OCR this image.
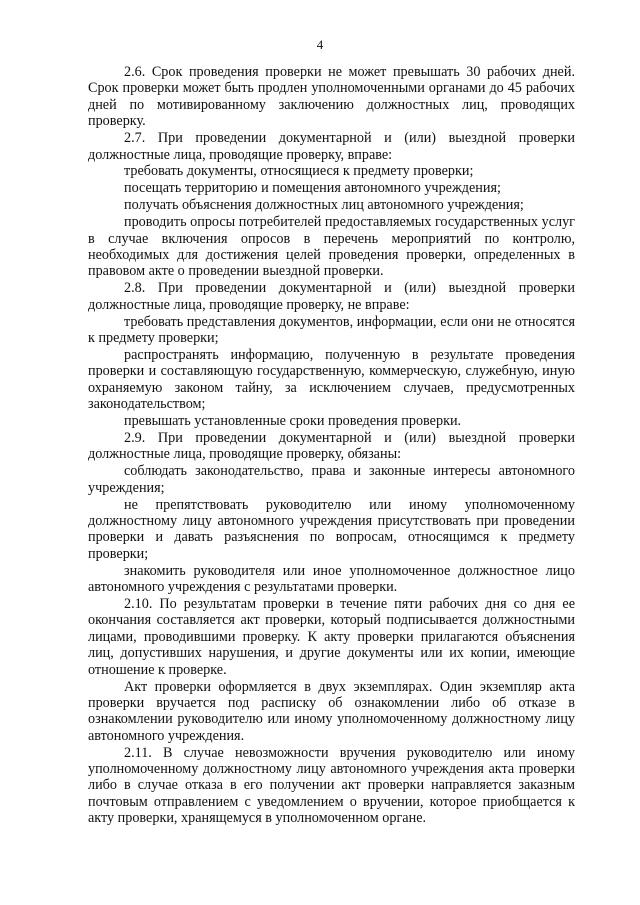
4

2.6. Срок проведения проверки не может превышать 30 рабочих дней. Срок проверки может быть продлен уполномоченными органами до 45 рабочих дней по мотивированному заключению должностных лиц, проводящих проверку.

2.7. При проведении документарной и (или) выездной проверки должностные лица, проводящие проверку, вправе:

требовать документы, относящиеся к предмету проверки;

посещать территорию и помещения автономного учреждения;

получать объяснения должностных лиц автономного учреждения;

проводить опросы потребителей предоставляемых государственных услуг в случае включения опросов в перечень мероприятий по контролю, необходимых для достижения целей проведения проверки, определенных в правовом акте о проведении выездной проверки.

2.8. При проведении документарной и (или) выездной проверки должностные лица, проводящие проверку, не вправе:

требовать представления документов, информации, если они не относятся к предмету проверки;

распространять информацию, полученную в результате проведения проверки и составляющую государственную, коммерческую, служебную, иную охраняемую законом тайну, за исключением случаев, предусмотренных законодательством;

превышать установленные сроки проведения проверки.

2.9. При проведении документарной и (или) выездной проверки должностные лица, проводящие проверку, обязаны:

соблюдать законодательство, права и законные интересы автономного учреждения;

не препятствовать руководителю или иному уполномоченному должностному лицу автономного учреждения присутствовать при проведении проверки и давать разъяснения по вопросам, относящимся к предмету проверки;

знакомить руководителя или иное уполномоченное должностное лицо автономного учреждения с результатами проверки.

2.10. По результатам проверки в течение пяти рабочих дня со дня ее окончания составляется акт проверки, который подписывается должностными лицами, проводившими проверку. К акту проверки прилагаются объяснения лиц, допустивших нарушения, и другие документы или их копии, имеющие отношение к проверке.

Акт проверки оформляется в двух экземплярах. Один экземпляр акта проверки вручается под расписку об ознакомлении либо об отказе в ознакомлении руководителю или иному уполномоченному должностному лицу автономного учреждения.

2.11. В случае невозможности вручения руководителю или иному уполномоченному должностному лицу автономного учреждения акта проверки либо в случае отказа в его получении акт проверки направляется заказным почтовым отправлением с уведомлением о вручении, которое приобщается к акту проверки, хранящемуся в уполномоченном органе.
